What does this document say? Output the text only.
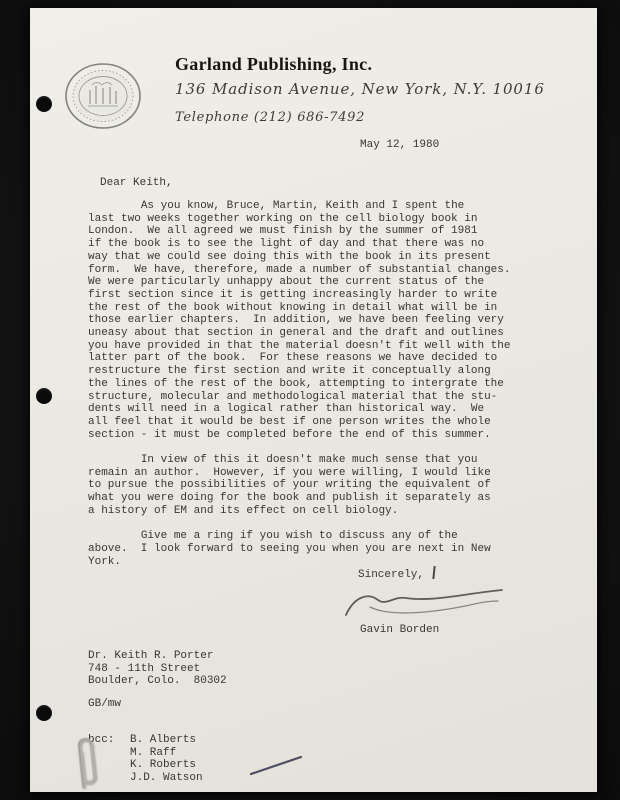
Garland Publishing, Inc.
136 Madison Avenue, New York, N.Y. 10016
Telephone (212) 686-7492
May 12, 1980
Dear Keith,
As you know, Bruce, Martin, Keith and I spent the
last two weeks together working on the cell biology book in
London.  We all agreed we must finish by the summer of 1981
if the book is to see the light of day and that there was no
way that we could see doing this with the book in its present
form.  We have, therefore, made a number of substantial changes.
We were particularly unhappy about the current status of the
first section since it is getting increasingly harder to write
the rest of the book without knowing in detail what will be in
those earlier chapters.  In addition, we have been feeling very
uneasy about that section in general and the draft and outlines
you have provided in that the material doesn't fit well with the
latter part of the book.  For these reasons we have decided to
restructure the first section and write it conceptually along
the lines of the rest of the book, attempting to intergrate the
structure, molecular and methodological material that the stu-
dents will need in a logical rather than historical way.  We
all feel that it would be best if one person writes the whole
section - it must be completed before the end of this summer.
In view of this it doesn't make much sense that you
remain an author.  However, if you were willing, I would like
to pursue the possibilities of your writing the equivalent of
what you were doing for the book and publish it separately as
a history of EM and its effect on cell biology.
Give me a ring if you wish to discuss any of the
above.  I look forward to seeing you when you are next in New
York.
Sincerely,
Gavin Borden
Dr. Keith R. Porter
748 - 11th Street
Boulder, Colo.  80302
GB/mw
bcc:	B. Alberts
M. Raff
K. Roberts
J.D. Watson
